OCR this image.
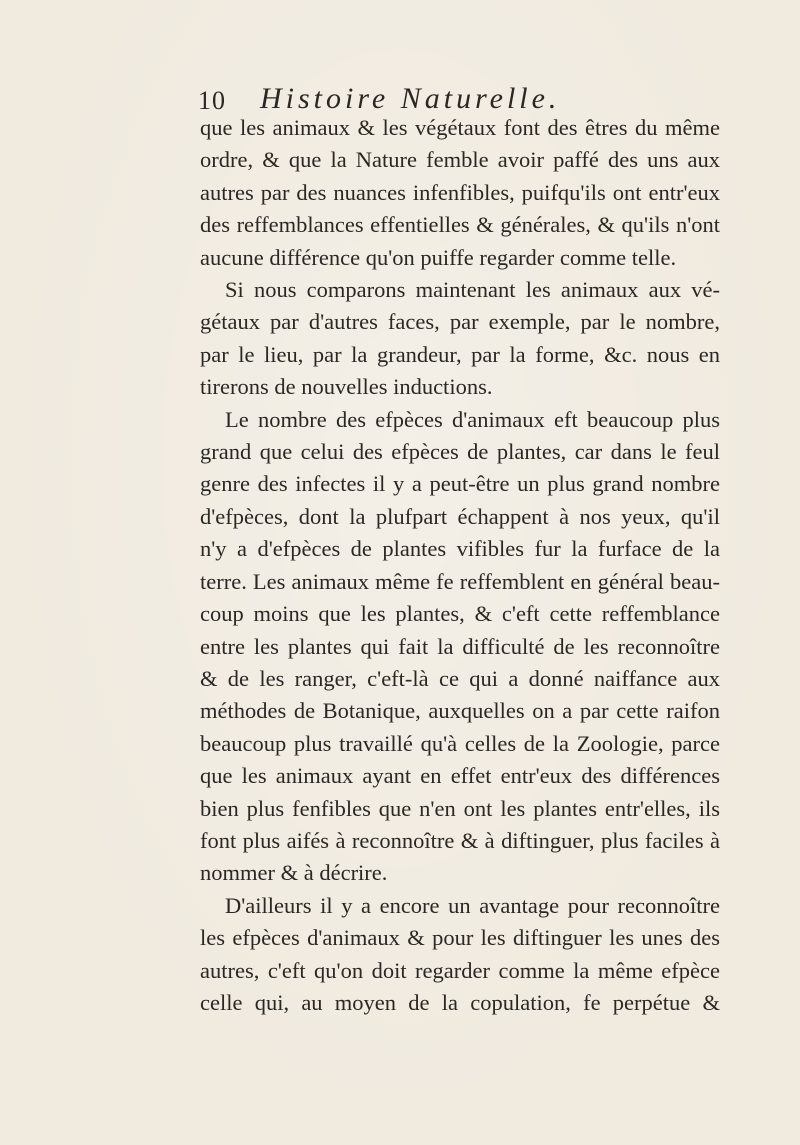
10 Histoire Naturelle.
que les animaux & les végétaux font des êtres du même
ordre, & que la Nature femble avoir paffé des uns aux
autres par des nuances infenfibles, puifqu'ils ont entr'eux
des reffemblances effentielles & générales, & qu'ils n'ont
aucune différence qu'on puiffe regarder comme telle.
Si nous comparons maintenant les animaux aux vé-
gétaux par d'autres faces, par exemple, par le nombre,
par le lieu, par la grandeur, par la forme, &c. nous en
tirerons de nouvelles inductions.
Le nombre des efpèces d'animaux eft beaucoup plus
grand que celui des efpèces de plantes, car dans le feul
genre des infectes il y a peut-être un plus grand nombre
d'efpèces, dont la plufpart échappent à nos yeux, qu'il
n'y a d'efpèces de plantes vifibles fur la furface de la
terre. Les animaux même fe reffemblent en général beau-
coup moins que les plantes, & c'eft cette reffemblance
entre les plantes qui fait la difficulté de les reconnoître
& de les ranger, c'eft-là ce qui a donné naiffance aux
méthodes de Botanique, auxquelles on a par cette raifon
beaucoup plus travaillé qu'à celles de la Zoologie, parce
que les animaux ayant en effet entr'eux des différences
bien plus fenfibles que n'en ont les plantes entr'elles, ils
font plus aifés à reconnoître & à diftinguer, plus faciles à
nommer & à décrire.
D'ailleurs il y a encore un avantage pour reconnoître
les efpèces d'animaux & pour les diftinguer les unes des
autres, c'eft qu'on doit regarder comme la même efpèce
celle qui, au moyen de la copulation, fe perpétue &
